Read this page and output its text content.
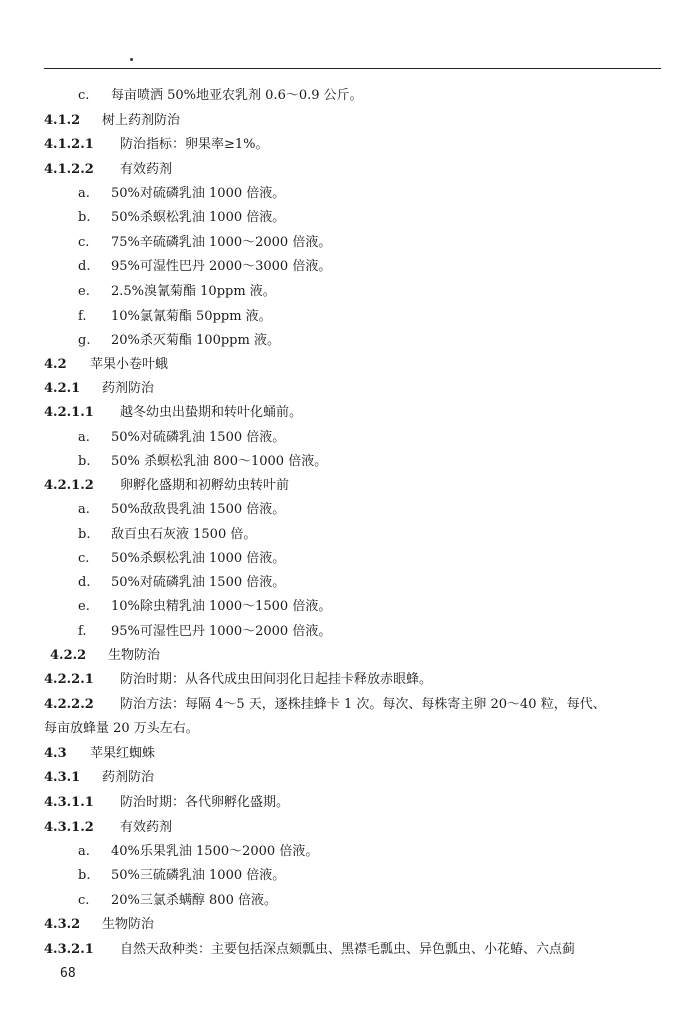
c. 每亩喷洒 50%地亚农乳剂 0.6～0.9 公斤。
4.1.2 树上药剂防治
4.1.2.1 防治指标：卵果率≥1%。
4.1.2.2 有效药剂
a. 50%对硫磷乳油 1000 倍液。
b. 50%杀螟松乳油 1000 倍液。
c. 75%辛硫磷乳油 1000～2000 倍液。
d. 95%可湿性巴丹 2000～3000 倍液。
e. 2.5%溴氰菊酯 10ppm 液。
f. 10%氯氰菊酯 50ppm 液。
g. 20%杀灭菊酯 100ppm 液。
4.2 苹果小卷叶蛾
4.2.1 药剂防治
4.2.1.1 越冬幼虫出蛰期和转叶化蛹前。
a. 50%对硫磷乳油 1500 倍液。
b. 50% 杀螟松乳油 800～1000 倍液。
4.2.1.2 卵孵化盛期和初孵幼虫转叶前
a. 50%敌敌畏乳油 1500 倍液。
b. 敌百虫石灰液 1500 倍。
c. 50%杀螟松乳油 1000 倍液。
d. 50%对硫磷乳油 1500 倍液。
e. 10%除虫精乳油 1000～1500 倍液。
f. 95%可湿性巴丹 1000～2000 倍液。
4.2.2 生物防治
4.2.2.1 防治时期：从各代成虫田间羽化日起挂卡释放赤眼蜂。
4.2.2.2 防治方法：每隔 4～5 天，逐株挂蜂卡 1 次。每次、每株寄主卵 20～40 粒，每代、
每亩放蜂量 20 万头左右。
4.3 苹果红蜘蛛
4.3.1 药剂防治
4.3.1.1 防治时期：各代卵孵化盛期。
4.3.1.2 有效药剂
a. 40%乐果乳油 1500～2000 倍液。
b. 50%三硫磷乳油 1000 倍液。
c. 20%三氯杀螨醇 800 倍液。
4.3.2 生物防治
4.3.2.1 自然天敌种类：主要包括深点颏瓢虫、黑襟毛瓢虫、异色瓢虫、小花蝽、六点蓟
68
